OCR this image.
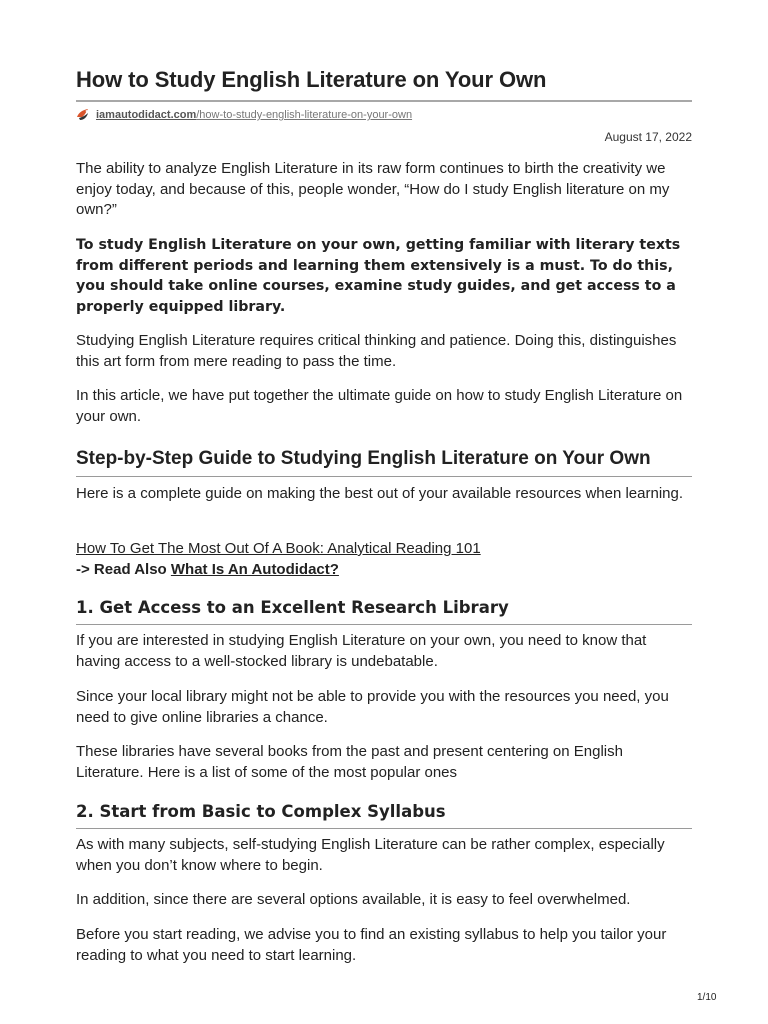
How to Study English Literature on Your Own
iamautodidact.com /how-to-study-english-literature-on-your-own
August 17, 2022

The ability to analyze English Literature in its raw form continues to birth the creativity we enjoy today, and because of this, people wonder, “How do I study English literature on my own?”

To study English Literature on your own, getting familiar with literary texts from different periods and learning them extensively is a must. To do this, you should take online courses, examine study guides, and get access to a properly equipped library.

Studying English Literature requires critical thinking and patience. Doing this, distinguishes this art form from mere reading to pass the time.

In this article, we have put together the ultimate guide on how to study English Literature on your own.

Step-by-Step Guide to Studying English Literature on Your Own

Here is a complete guide on making the best out of your available resources when learning.

How To Get The Most Out Of A Book: Analytical Reading 101

-> Read Also What Is An Autodidact?
1. Get Access to an Excellent Research Library

If you are interested in studying English Literature on your own, you need to know that having access to a well-stocked library is undebatable.

Since your local library might not be able to provide you with the resources you need, you need to give online libraries a chance.

These libraries have several books from the past and present centering on English Literature. Here is a list of some of the most popular ones

2. Start from Basic to Complex Syllabus

As with many subjects, self-studying English Literature can be rather complex, especially when you don’t know where to begin.

In addition, since there are several options available, it is easy to feel overwhelmed.

Before you start reading, we advise you to find an existing syllabus to help you tailor your reading to what you need to start learning.

1/10
